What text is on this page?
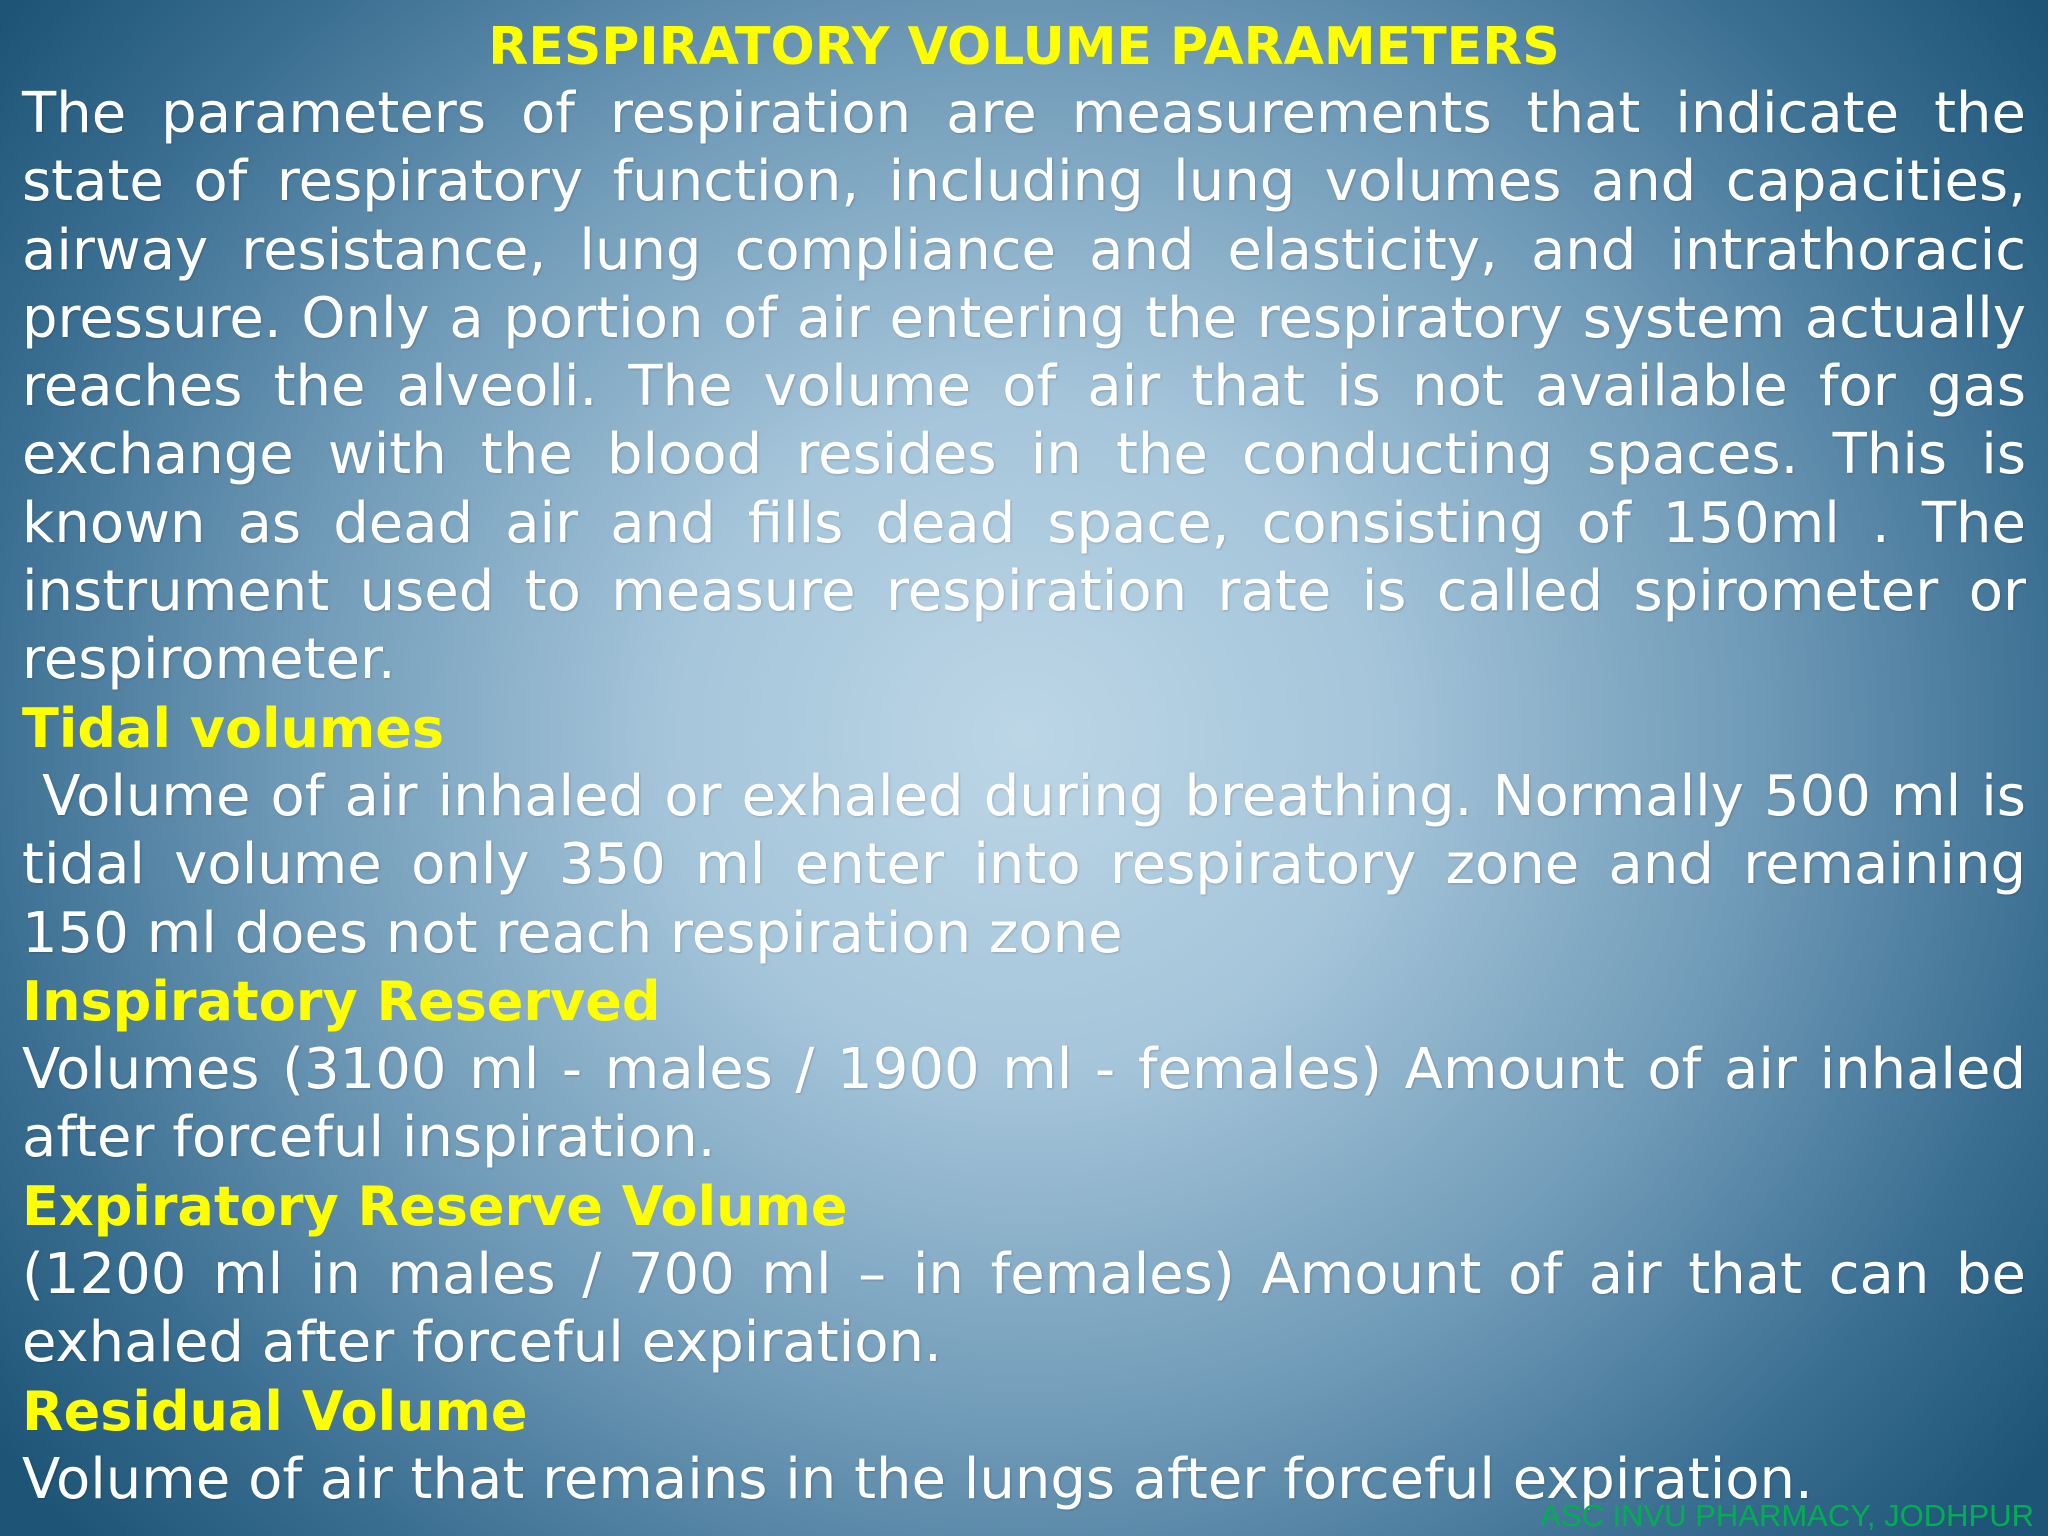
RESPIRATORY VOLUME PARAMETERS

The parameters of respiration are measurements that indicate the state of respiratory function, including lung volumes and capacities, airway resistance, lung compliance and elasticity, and intrathoracic pressure. Only a portion of air entering the respiratory system actually reaches the alveoli. The volume of air that is not available for gas exchange with the blood resides in the conducting spaces. This is known as dead air and fills dead space, consisting of 150ml . The instrument used to measure respiration rate is called spirometer or respirometer.

Tidal volumes

Volume of air inhaled or exhaled during breathing. Normally 500 ml is tidal volume only 350 ml enter into respiratory zone and remaining 150 ml does not reach respiration zone

Inspiratory Reserved

Volumes (3100 ml - males / 1900 ml - females) Amount of air inhaled after forceful inspiration.

Expiratory Reserve Volume

(1200 ml in males / 700 ml – in females) Amount of air that can be exhaled after forceful expiration.

Residual Volume

Volume of air that remains in the lungs after forceful expiration.

ASC INVU PHARMACY, JODHPUR
